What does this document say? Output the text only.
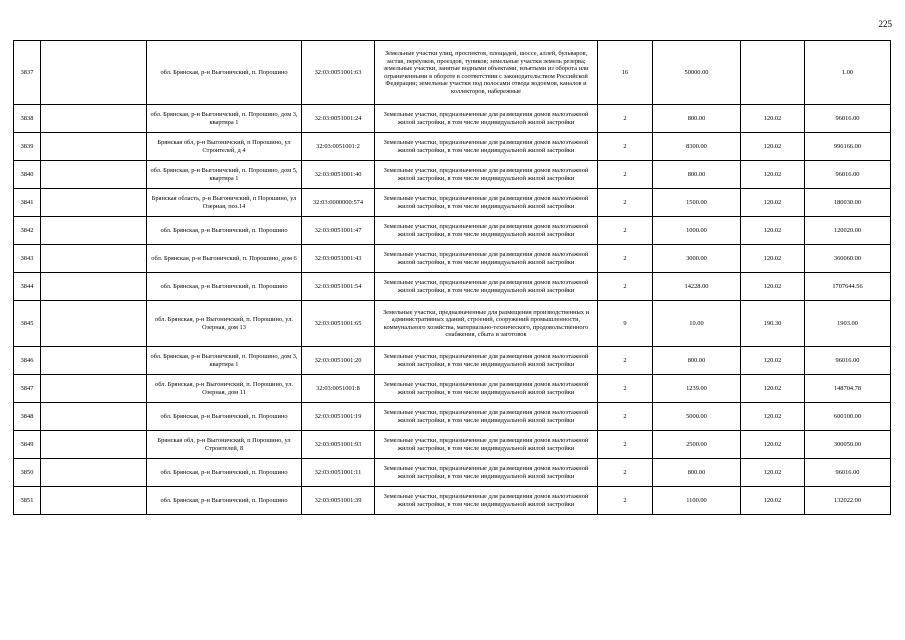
225
3837		обл. Брянская, р-н Выгоничский, п. Порошино	32:03:0051001:63	Земельные участки улиц, проспектов, площадей, шоссе, аллей, бульваров, застав, переулков, проездов, тупиков; земельные участки земель резерва; земельные участки, занятые водными объектами, изъятыми из оборота или ограниченными в обороте в соответствии с законодательством Российской Федерации; земельные участки под полосами отвода водоемов, каналов и коллекторов, набережные	16	50000.00		1.00
3838		обл. Брянская, р-н Выгоничский, п. Порошино, дом 3, квартира 1	32:03:0051001:24	Земельные участки, предназначенные для размещения домов малоэтажной жилой застройки, в том числе индивидуальной жилой застройки	2	800.00	120.02	96016.00
3839		Брянская обл, р-н Выгоничский, п Порошино, ул Строителей, д 4	32:03:0051001:2	Земельные участки, предназначенные для размещения домов малоэтажной жилой застройки, в том числе индивидуальной жилой застройки	2	8300.00	120.02	996166.00
3840		обл. Брянская, р-н Выгоничский, п. Порошино, дом 5, квартира 1	32:03:0051001:40	Земельные участки, предназначенные для размещения домов малоэтажной жилой застройки, в том числе индивидуальной жилой застройки	2	800.00	120.02	96016.00
3841		Брянская область, р-н Выгоничский, п Порошино, ул Озерная, поз.14	32:03:0000000:574	Земельные участки, предназначенные для размещения домов малоэтажной жилой застройки, в том числе индивидуальной жилой застройки	2	1500.00	120.02	180030.00
3842		обл. Брянская, р-н Выгоничский, п. Порошино	32:03:0051001:47	Земельные участки, предназначенные для размещения домов малоэтажной жилой застройки, в том числе индивидуальной жилой застройки	2	1000.00	120.02	120020.00
3843		обл. Брянская, р-н Выгоничский, п. Порошино, дом 6	32:03:0051001:43	Земельные участки, предназначенные для размещения домов малоэтажной жилой застройки, в том числе индивидуальной жилой застройки	2	3000.00	120.02	360060.00
3844		обл. Брянская, р-н Выгоничский, п. Порошино	32:03:0051001:54	Земельные участки, предназначенные для размещения домов малоэтажной жилой застройки, в том числе индивидуальной жилой застройки	2	14228.00	120.02	1707644.56
3845		обл. Брянская, р-н Выгоничский, п. Порошино, ул. Озерная, дом 13	32:03:0051001:65	Земельные участки, предназначенные для размещения производственных и административных зданий, строений, сооружений промышленности, коммунального хозяйства, материально-технического, продовольственного снабжения, сбыта и заготовок	9	10.00	190.30	1903.00
3846		обл. Брянская, р-н Выгоничский, п. Порошино, дом 3, квартира 1	32:03:0051001:20	Земельные участки, предназначенные для размещения домов малоэтажной жилой застройки, в том числе индивидуальной жилой застройки	2	800.00	120.02	96016.00
3847		обл. Брянская, р-н Выгоничский, п. Порошино, ул. Озерная, дом 11	32:03:0051001:8	Земельные участки, предназначенные для размещения домов малоэтажной жилой застройки, в том числе индивидуальной жилой застройки	2	1239.00	120.02	148704.78
3848		обл. Брянская, р-н Выгоничский, п. Порошино	32:03:0051001:19	Земельные участки, предназначенные для размещения домов малоэтажной жилой застройки, в том числе индивидуальной жилой застройки	2	5000.00	120.02	600100.00
3849		Брянская обл, р-н Выгоничский, п Порошино, ул Строителей, 8	32:03:0051001:93	Земельные участки, предназначенные для размещения домов малоэтажной жилой застройки, в том числе индивидуальной жилой застройки	2	2500.00	120.02	300050.00
3850		обл. Брянская, р-н Выгоничский, п. Порошино	32:03:0051001:11	Земельные участки, предназначенные для размещения домов малоэтажной жилой застройки, в том числе индивидуальной жилой застройки	2	800.00	120.02	96016.00
3851		обл. Брянская, р-н Выгоничский, п. Порошино	32:03:0051001:39	Земельные участки, предназначенные для размещения домов малоэтажной жилой застройки, в том числе индивидуальной жилой застройки	2	1100.00	120.02	132022.00
